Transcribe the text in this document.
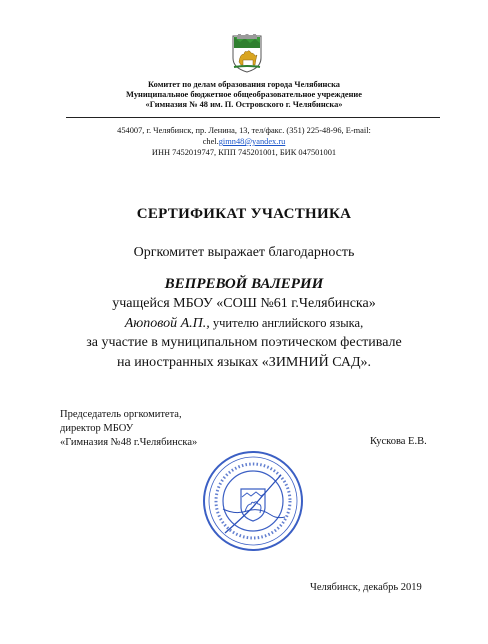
Комитет по делам образования города Челябинска
Муниципальное бюджетное общеобразовательное учреждение
«Гимназия № 48 им. П. Островского г. Челябинска»
454007, г. Челябинск, пр. Ленина, 13, тел/факс. (351) 225-48-96, E-mail:
chel.gimn48@yandex.ru
ИНН 7452019747, КПП 745201001, БИК 047501001
СЕРТИФИКАТ УЧАСТНИКА
Оргкомитет выражает благодарность
ВЕПРЕВОЙ ВАЛЕРИИ
учащейся МБОУ «СОШ №61 г.Челябинска»
Аюповой А.П., учителю английского языка,
за участие в муниципальном поэтическом фестивале
на иностранных языках «ЗИМНИЙ САД».
Председатель оргкомитета,
директор МБОУ
«Гимназия №48 г.Челябинска»	Кускова Е.В.
Челябинск, декабрь 2019
